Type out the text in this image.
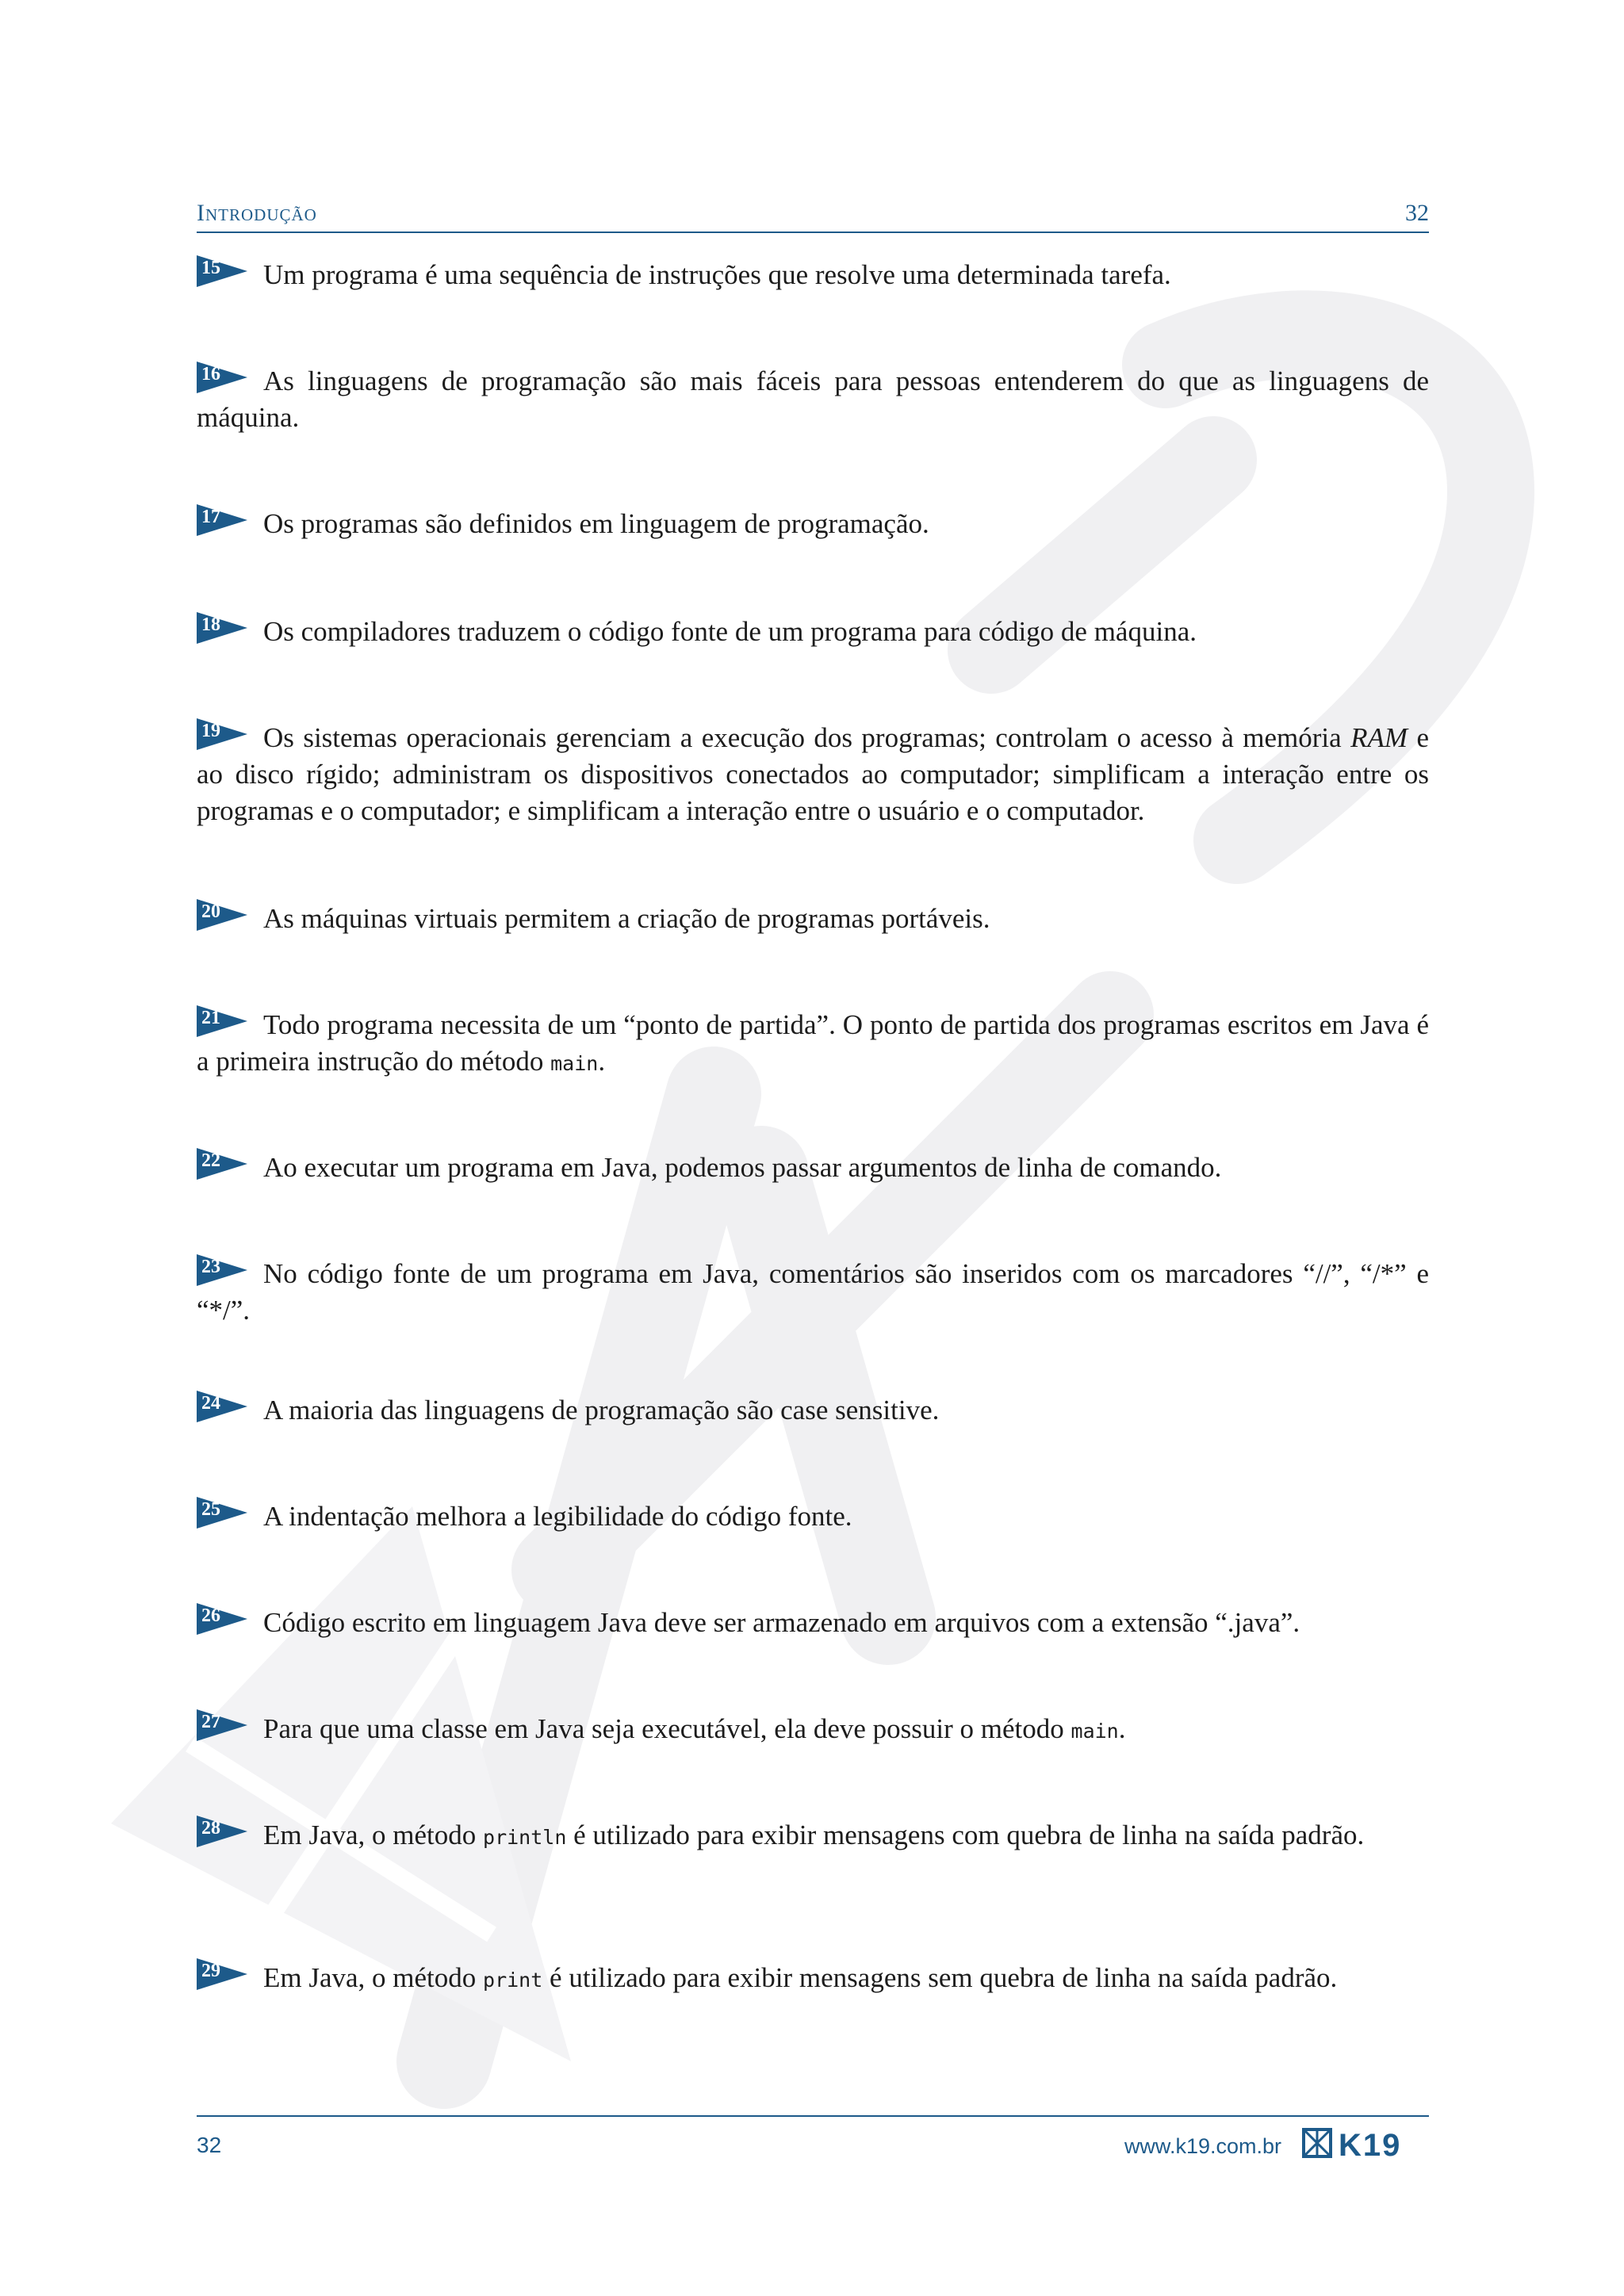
Introdução	32
15 Um programa é uma sequência de instruções que resolve uma determinada tarefa.
16 As linguagens de programação são mais fáceis para pessoas entenderem do que as linguagens de máquina.
17 Os programas são definidos em linguagem de programação.
18 Os compiladores traduzem o código fonte de um programa para código de máquina.
19 Os sistemas operacionais gerenciam a execução dos programas; controlam o acesso à memória RAM e ao disco rígido; administram os dispositivos conectados ao computador; simplificam a interação entre os programas e o computador; e simplificam a interação entre o usuário e o computador.
20 As máquinas virtuais permitem a criação de programas portáveis.
21 Todo programa necessita de um “ponto de partida”. O ponto de partida dos programas escritos em Java é a primeira instrução do método main.
22 Ao executar um programa em Java, podemos passar argumentos de linha de comando.
23 No código fonte de um programa em Java, comentários são inseridos com os marcadores “//”, “/*” e “*/”.
24 A maioria das linguagens de programação são case sensitive.
25 A indentação melhora a legibilidade do código fonte.
26 Código escrito em linguagem Java deve ser armazenado em arquivos com a extensão “.java”.
27 Para que uma classe em Java seja executável, ela deve possuir o método main.
28 Em Java, o método println é utilizado para exibir mensagens com quebra de linha na saída padrão.
29 Em Java, o método print é utilizado para exibir mensagens sem quebra de linha na saída padrão.
32	www.k19.com.br K19
